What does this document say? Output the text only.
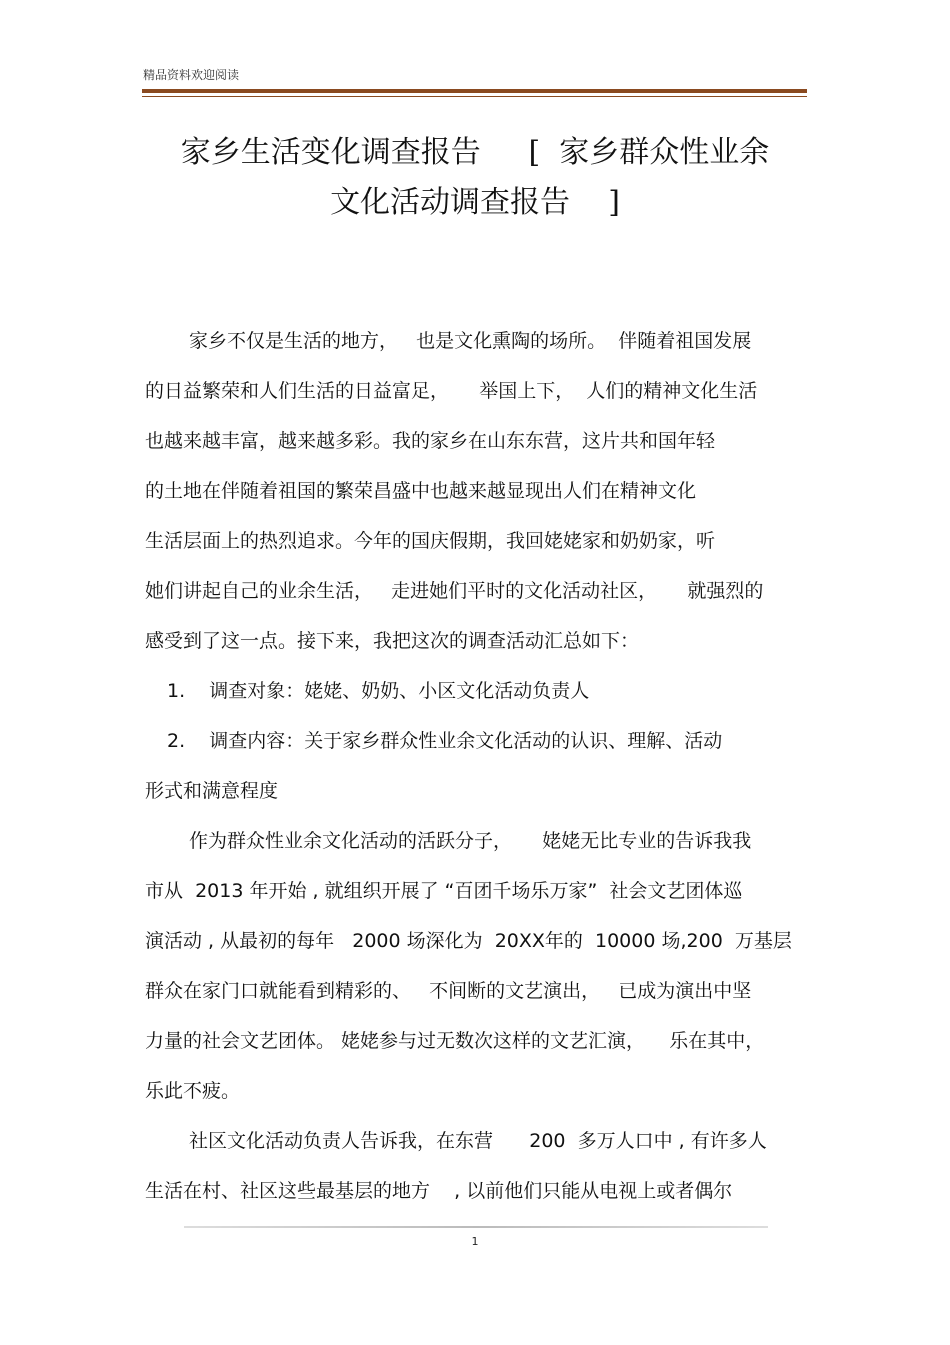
精品资料欢迎阅读
家乡生活变化调查报告     [  家乡群众性业余
文化活动调查报告    ]
家乡不仅是生活的地方，   也是文化熏陶的场所。  伴随着祖国发展
的日益繁荣和人们生活的日益富足，     举国上下，  人们的精神文化生活
也越来越丰富，越来越多彩。我的家乡在山东东营，这片共和国年轻
的土地在伴随着祖国的繁荣昌盛中也越来越显现出人们在精神文化
生活层面上的热烈追求。今年的国庆假期，我回姥姥家和奶奶家，听
她们讲起自己的业余生活，   走进她们平时的文化活动社区，     就强烈的
感受到了这一点。接下来，我把这次的调查活动汇总如下：
1.    调查对象：姥姥、奶奶、小区文化活动负责人
2.    调查内容：关于家乡群众性业余文化活动的认识、理解、活动
形式和满意程度
作为群众性业余文化活动的活跃分子，     姥姥无比专业的告诉我我
市从  2013 年开始 , 就组织开展了 “百团千场乐万家”  社会文艺团体巡
演活动 , 从最初的每年   2000 场深化为  20XX年的  10000 场,200  万基层
群众在家门口就能看到精彩的、   不间断的文艺演出，   已成为演出中坚
力量的社会文艺团体。 姥姥参与过无数次这样的文艺汇演，    乐在其中，
乐此不疲。
社区文化活动负责人告诉我，在东营      200  多万人口中 , 有许多人
生活在村、社区这些最基层的地方    , 以前他们只能从电视上或者偶尔
1
